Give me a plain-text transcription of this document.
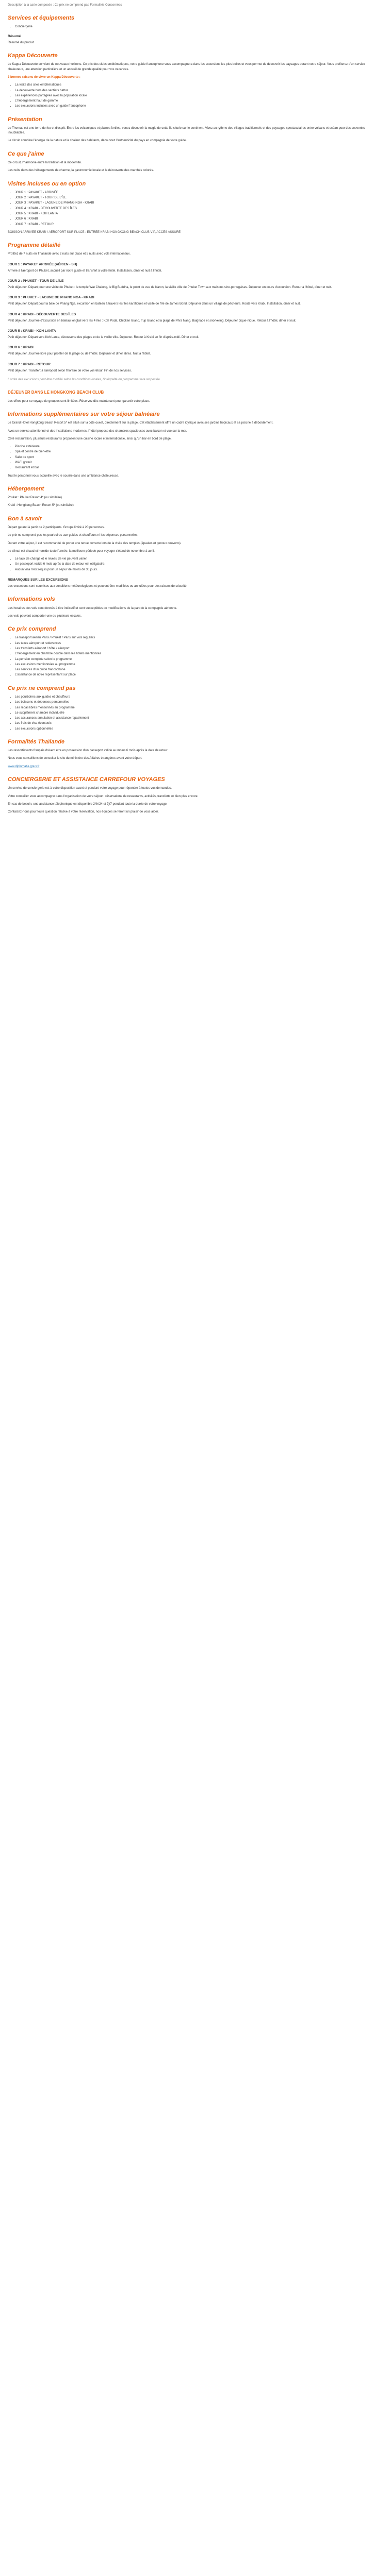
Description à la carte composée : Ce prix ne comprend pas Formalités Concernées

Services et équipements
• Conciergerie
Résumé

Résumé du produit

Kappa Découverte

Le Kappa Découverte convient de nouveaux horizons. Ce prix des clubs emblématiques, votre guide francophone vous accompagnera dans les excursions les plus belles et vous permet de découvrir les paysages durant votre séjour. Vous profiterez d'un service chaleureux, une attention particulière et un accueil de grande qualité pour vos vacances.

3 bonnes raisons de vivre un Kappa Découverte :

• La visite des sites emblématiques
• La découverte hors des sentiers battus
• Les expériences partagées avec la population locale
• L'hébergement haut de gamme
• Les excursions incluses avec un guide francophone
Présentation

Le Thomas est une terre de feu et d'esprit. Entre lac volcaniques et plaines fertiles, venez découvrir la magie de cette île située sur le continent. Vivez au rythme des villages traditionnels et des paysages spectaculaires entre volcans et océan pour des souvenirs inoubliables.

Le circuit combine l'énergie de la nature et la chaleur des habitants, découvrez l'authenticité du pays en compagnie de votre guide.

Ce que j'aime

Ce circuit, l'harmonie entre la tradition et la modernité.

Les nuits dans des hébergements de charme, la gastronomie locale et la découverte des marchés colorés.

Visites incluses ou en option
• JOUR 1 : PAYAKET - ARRIVÉE
• JOUR 2 : PAYAKET - TOUR DE L'ÎLE
• JOUR 3 : PAYAKET - LAGUNE DE PHANG NGA - KRABI
• JOUR 4 : KRABI - DÉCOUVERTE DES ÎLES
• JOUR 5 : KRABI - KOH LANTA
• JOUR 6 : KRABI
• JOUR 7 : KRABI - RETOUR

BOISSON ARRIVÉE KRABI / AÉROPORT SUR PLACE : ENTRÉE KRABI HONGKONG BEACH CLUB VIP, ACCÈS ASSURÉ

Programme détaillé

Profitez de 7 nuits en Thaïlande avec 2 nuits sur place et 5 nuits avec vols internationaux.

JOUR 1 : PAYAKET ARRIVÉE (AÉRIEN - SH)

Arrivée à l'aéroport de Phuket, accueil par notre guide et transfert à votre hôtel. Installation, dîner et nuit à l'hôtel.

JOUR 2 : PHUKET - TOUR DE L'ÎLE

Petit déjeuner. Départ pour une visite de Phuket : le temple Wat Chalong, le Big Buddha, le point de vue de Karon, la vieille ville de Phuket Town aux maisons sino-portugaises. Déjeuner en cours d'excursion. Retour à l'hôtel, dîner et nuit.

JOUR 3 : PHUKET - LAGUNE DE PHANG NGA - KRABI

Petit déjeuner. Départ pour la baie de Phang Nga, excursion en bateau à travers les îles karstiques et visite de l'île de James Bond. Déjeuner dans un village de pêcheurs. Route vers Krabi. Installation, dîner et nuit.

JOUR 4 : KRABI - DÉCOUVERTE DES ÎLES

Petit déjeuner. Journée d'excursion en bateau longtail vers les 4 îles : Koh Poda, Chicken Island, Tup Island et la plage de Phra Nang. Baignade et snorkeling. Déjeuner pique-nique. Retour à l'hôtel, dîner et nuit.

JOUR 5 : KRABI - KOH LANTA

Petit déjeuner. Départ vers Koh Lanta, découverte des plages et de la vieille ville. Déjeuner. Retour à Krabi en fin d'après-midi. Dîner et nuit.

JOUR 6 : KRABI

Petit déjeuner. Journée libre pour profiter de la plage ou de l'hôtel. Déjeuner et dîner libres. Nuit à l'hôtel.

JOUR 7 : KRABI - RETOUR

Petit déjeuner. Transfert à l'aéroport selon l'horaire de votre vol retour. Fin de nos services.

L'ordre des excursions peut être modifié selon les conditions locales, l'intégralité du programme sera respectée.

DÉJEUNER DANS LE HONGKONG BEACH CLUB

Les offres pour ce voyage de groupes sont limitées. Réservez dès maintenant pour garantir votre place.

Informations supplémentaires sur votre séjour balnéaire

Le Grand Hotel Hongkong Beach Resort 5* est situé sur la côte ouest, directement sur la plage. Cet établissement offre un cadre idyllique avec ses jardins tropicaux et sa piscine à débordement.

Avec un service attentionné et des installations modernes, l'hôtel propose des chambres spacieuses avec balcon et vue sur la mer.

Côté restauration, plusieurs restaurants proposent une cuisine locale et internationale, ainsi qu'un bar en bord de plage.

• Piscine extérieure
• Spa et centre de bien-être
• Salle de sport
• Wi-Fi gratuit
• Restaurant et bar

Tout le personnel vous accueille avec le sourire dans une ambiance chaleureuse.

Hébergement

Phuket : Phuket Resort 4* (ou similaire)

Krabi : Hongkong Beach Resort 5* (ou similaire)

Bon à savoir

Départ garanti à partir de 2 participants. Groupe limité à 20 personnes.

Le prix ne comprend pas les pourboires aux guides et chauffeurs ni les dépenses personnelles.

Durant votre séjour, il est recommandé de porter une tenue correcte lors de la visite des temples (épaules et genoux couverts).

Le climat est chaud et humide toute l'année, la meilleure période pour voyager s'étend de novembre à avril.

• Le taux de change et le niveau de vie peuvent varier.
• Un passeport valide 6 mois après la date de retour est obligatoire.
• Aucun visa n'est requis pour un séjour de moins de 30 jours.
REMARQUES SUR LES EXCURSIONS

Les excursions sont soumises aux conditions météorologiques et peuvent être modifiées ou annulées pour des raisons de sécurité.

Informations vols

Les horaires des vols sont donnés à titre indicatif et sont susceptibles de modifications de la part de la compagnie aérienne.

Les vols peuvent comporter une ou plusieurs escales.

Ce prix comprend
• Le transport aérien Paris / Phuket / Paris sur vols réguliers
• Les taxes aéroport et redevances
• Les transferts aéroport / hôtel / aéroport
• L'hébergement en chambre double dans les hôtels mentionnés
• La pension complète selon le programme
• Les excursions mentionnées au programme
• Les services d'un guide francophone
• L'assistance de notre représentant sur place
Ce prix ne comprend pas
• Les pourboires aux guides et chauffeurs
• Les boissons et dépenses personnelles
• Les repas libres mentionnés au programme
• Le supplément chambre individuelle
• Les assurances annulation et assistance rapatriement
• Les frais de visa éventuels
• Les excursions optionnelles
Formalités Thaïlande

Les ressortissants français doivent être en possession d'un passeport valide au moins 6 mois après la date de retour.

Nous vous conseillons de consulter le site du ministère des Affaires étrangères avant votre départ.

www.diplomatie.gouv.fr

CONCIERGERIE ET ASSISTANCE CARREFOUR VOYAGES

Un service de conciergerie est à votre disposition avant et pendant votre voyage pour répondre à toutes vos demandes.

Votre conseiller vous accompagne dans l'organisation de votre séjour : réservations de restaurants, activités, transferts et bien plus encore.

En cas de besoin, une assistance téléphonique est disponible 24h/24 et 7j/7 pendant toute la durée de votre voyage.

Contactez-nous pour toute question relative à votre réservation, nos équipes se feront un plaisir de vous aider.
